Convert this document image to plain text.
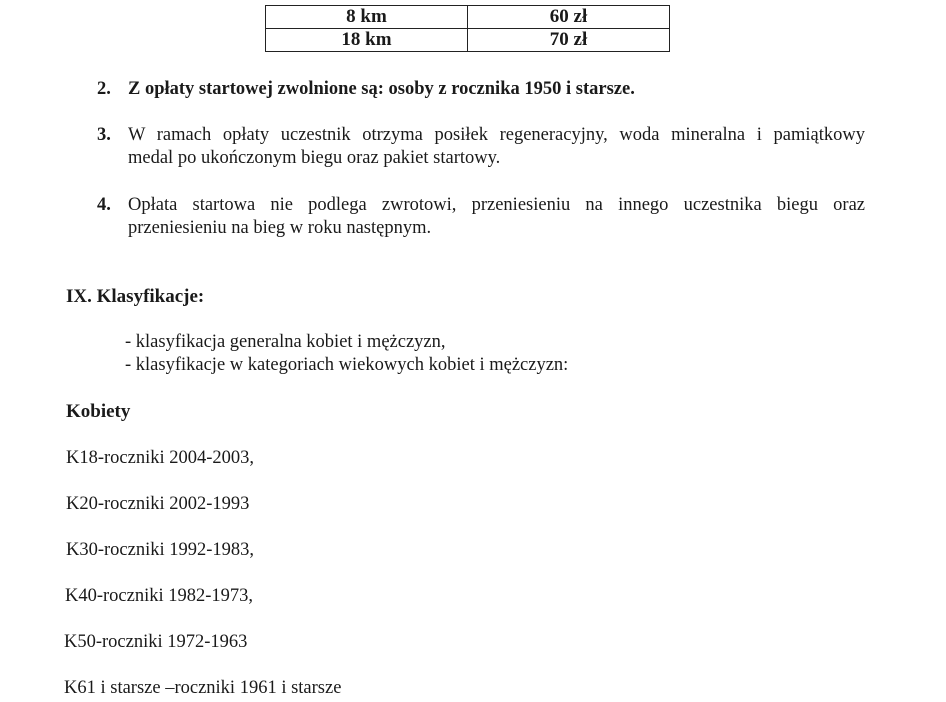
8 km	60 zł
18 km	70 zł
2. Z opłaty startowej zwolnione są: osoby z rocznika 1950 i starsze.
3. W ramach opłaty uczestnik otrzyma posiłek regeneracyjny, woda mineralna i pamiątkowy
medal po ukończonym biegu oraz pakiet startowy.
4. Opłata startowa nie podlega zwrotowi, przeniesieniu na innego uczestnika biegu oraz
przeniesieniu na bieg w roku następnym.
IX. Klasyfikacje:
- klasyfikacja generalna kobiet i mężczyzn,
- klasyfikacje w kategoriach wiekowych kobiet i mężczyzn:
Kobiety
K18-roczniki 2004-2003,
K20-roczniki 2002-1993
K30-roczniki 1992-1983,
K40-roczniki 1982-1973,
K50-roczniki 1972-1963
K61 i starsze –roczniki 1961 i starsze
